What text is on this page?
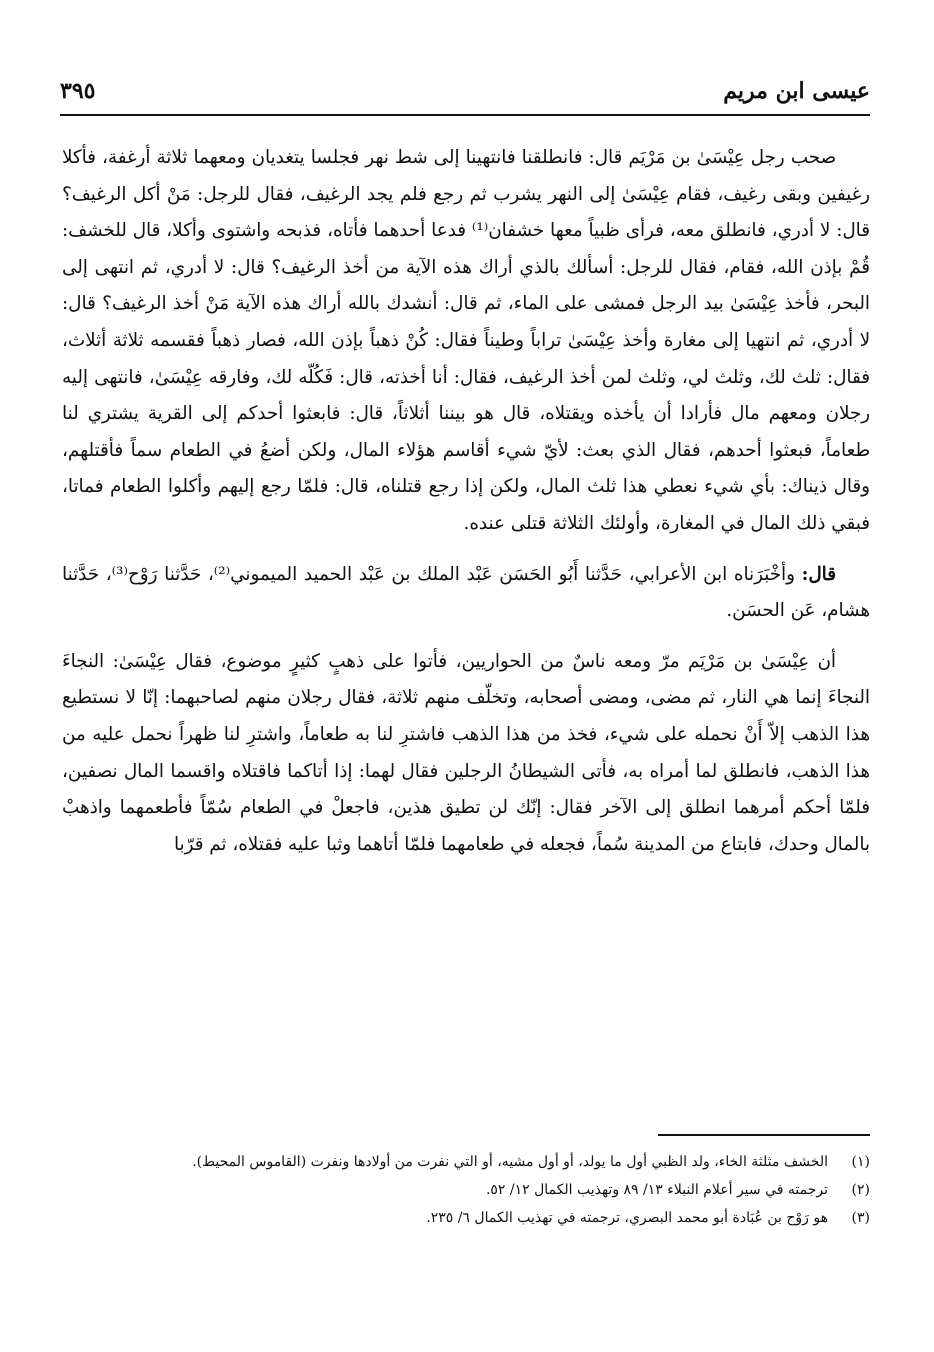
عيسى ابن مريم
٣٩٥

صحب رجل عِيْسَىٰ بن مَرْيَم قال: فانطلقنا فانتهينا إلى شط نهر فجلسا يتغديان ومعهما ثلاثة أرغفة، فأكلا رغيفين وبقى رغيف، فقام عِيْسَىٰ إلى النهر يشرب ثم رجع فلم يجد الرغيف، فقال للرجل: مَنْ أكل الرغيف؟ قال: لا أدري، فانطلق معه، فرأى ظبياً معها خشفان⁽¹⁾ فدعا أحدهما فأتاه، فذبحه واشتوى وأكلا، قال للخشف: قُمْ بإذن الله، فقام، فقال للرجل: أسألك بالذي أراك هذه الآية من أخذ الرغيف؟ قال: لا أدري، ثم انتهى إلى البحر، فأخذ عِيْسَىٰ بيد الرجل فمشى على الماء، ثم قال: أنشدك بالله أراك هذه الآية مَنْ أخذ الرغيف؟ قال: لا أدري، ثم انتهيا إلى مغارة وأخذ عِيْسَىٰ تراباً وطيناً فقال: كُنْ ذهباً بإذن الله، فصار ذهباً فقسمه ثلاثة أثلاث، فقال: ثلث لك، وثلث لي، وثلث لمن أخذ الرغيف، فقال: أنا أخذته، قال: فَكُلّه لك، وفارقه عِيْسَىٰ، فانتهى إليه رجلان ومعهم مال فأرادا أن يأخذه ويقتلاه، قال هو بيننا أثلاثاً، قال: فابعثوا أحدكم إلى القرية يشتري لنا طعاماً، فبعثوا أحدهم، فقال الذي بعث: لأيّ شيء أقاسم هؤلاء المال، ولكن أضعُ في الطعام سماً فأقتلهم، وقال ذيناك: بأي شيء نعطي هذا ثلث المال، ولكن إذا رجع قتلناه، قال: فلمّا رجع إليهم وأكلوا الطعام فماتا، فبقي ذلك المال في المغارة، وأولئك الثلاثة قتلى عنده.

قال: وأخْبَرَناه ابن الأعرابي، حَدَّثنا أَبُو الحَسَن عَبْد الملك بن عَبْد الحميد الميموني⁽²⁾، حَدَّثنا رَوْح⁽³⁾، حَدَّثنا هشام، عَن الحسَن.

أن عِيْسَىٰ بن مَرْيَم مرّ ومعه ناسٌ من الحواريين، فأتوا على ذهبٍ كثيرٍ موضوع، فقال عِيْسَىٰ: النجاءَ النجاءَ إنما هي النار، ثم مضى، ومضى أصحابه، وتخلّف منهم ثلاثة، فقال رجلان منهم لصاحبهما: إنّا لا نستطيع هذا الذهب إلاّ أَنْ نحمله على شيء، فخذ من هذا الذهب فاشترِ لنا به طعاماً، واشترِ لنا ظهراً نحمل عليه من هذا الذهب، فانطلق لما أمراه به، فأتى الشيطانُ الرجلين فقال لهما: إذا أتاكما فاقتلاه واقسما المال نصفين، فلمّا أحكم أمرهما انطلق إلى الآخر فقال: إنّك لن تطيق هذين، فاجعلْ في الطعام سُمّاً فأطعمهما واذهبْ بالمال وحدك، فابتاع من المدينة سُماً، فجعله في طعامهما فلمّا أتاهما وثبا عليه فقتلاه، ثم قرّبا

(١)
الخشف مثلثة الخاء، ولد الظبي أول ما يولد، أو أول مشيه، أو التي نفرت من أولادها ونفرت (القاموس المحيط).

(٢)
ترجمته في سير أعلام النبلاء ١٣/ ٨٩ وتهذيب الكمال ١٢/ ٥٢.

(٣)
هو رَوْح بن عُبَادة أبو محمد البصري، ترجمته في تهذيب الكمال ٦/ ٢٣٥.
